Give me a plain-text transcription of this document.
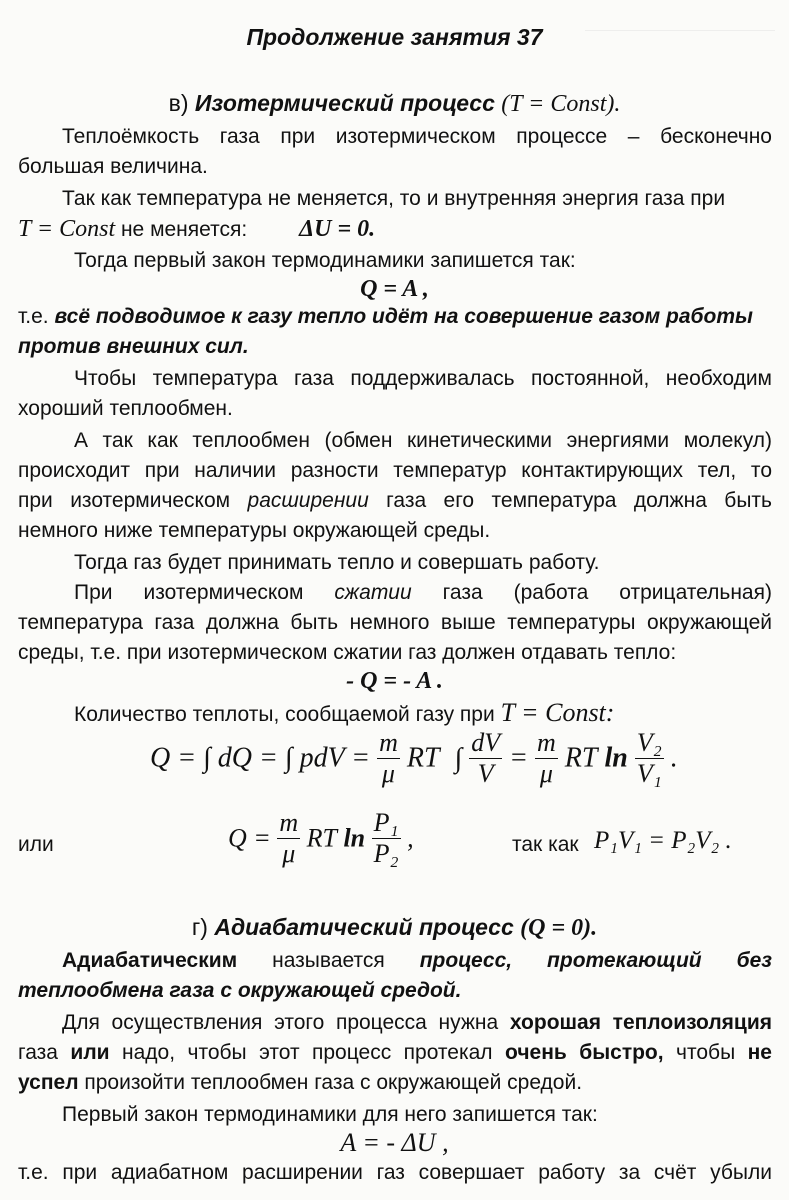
Продолжение занятия 37
в) Изотермический процесс (T = Const).
Теплоёмкость газа при изотермическом процессе – бесконечно
большая величина.
Так как температура не меняется, то и внутренняя энергия газа при
T = Const не меняется: ΔU = 0.
Тогда первый закон термодинамики запишется так:
Q = A ,
т.е. всё подводимое к газу тепло идёт на совершение газом работы
против внешних сил.
Чтобы температура газа поддерживалась постоянной, необходим
хороший теплообмен.
А так как теплообмен (обмен кинетическими энергиями молекул)
происходит при наличии разности температур контактирующих тел, то
при изотермическом расширении газа его температура должна быть
немного ниже температуры окружающей среды.
Тогда газ будет принимать тепло и совершать работу.
При изотермическом сжатии газа (работа отрицательная)
температура газа должна быть немного выше температуры окружающей
среды, т.е. при изотермическом сжатии газ должен отдавать тепло:
- Q = - A .
Количество теплоты, сообщаемой газу при T = Const:
Q = ∫ dQ = ∫ pdV = $\frac{m}{\mu}$ RT ∫ $\frac{dV}{V} = \frac{m}{\mu}$ RT $\ln \frac{\text{V₂}}{\text{V₁}}$ .
или	$Q = \frac{m}{\mu}$ RT $\ln \frac{\text{P₁}}{\text{P₂}}$ ,	так как P₁V₁ = P₂V₂ .
г) Адиабатический процесс (Q = 0).
Адиабатическим называется процесс, протекающий без
теплообмена газа с окружающей средой.
Для осуществления этого процесса нужна хорошая теплоизоляция
газа или надо, чтобы этот процесс протекал очень быстро, чтобы не
успел произойти теплообмен газа с окружающей средой.
Первый закон термодинамики для него запишется так:
A = - ΔU ,
т.е. при адиабатном расширении газ совершает работу за счёт убыли
